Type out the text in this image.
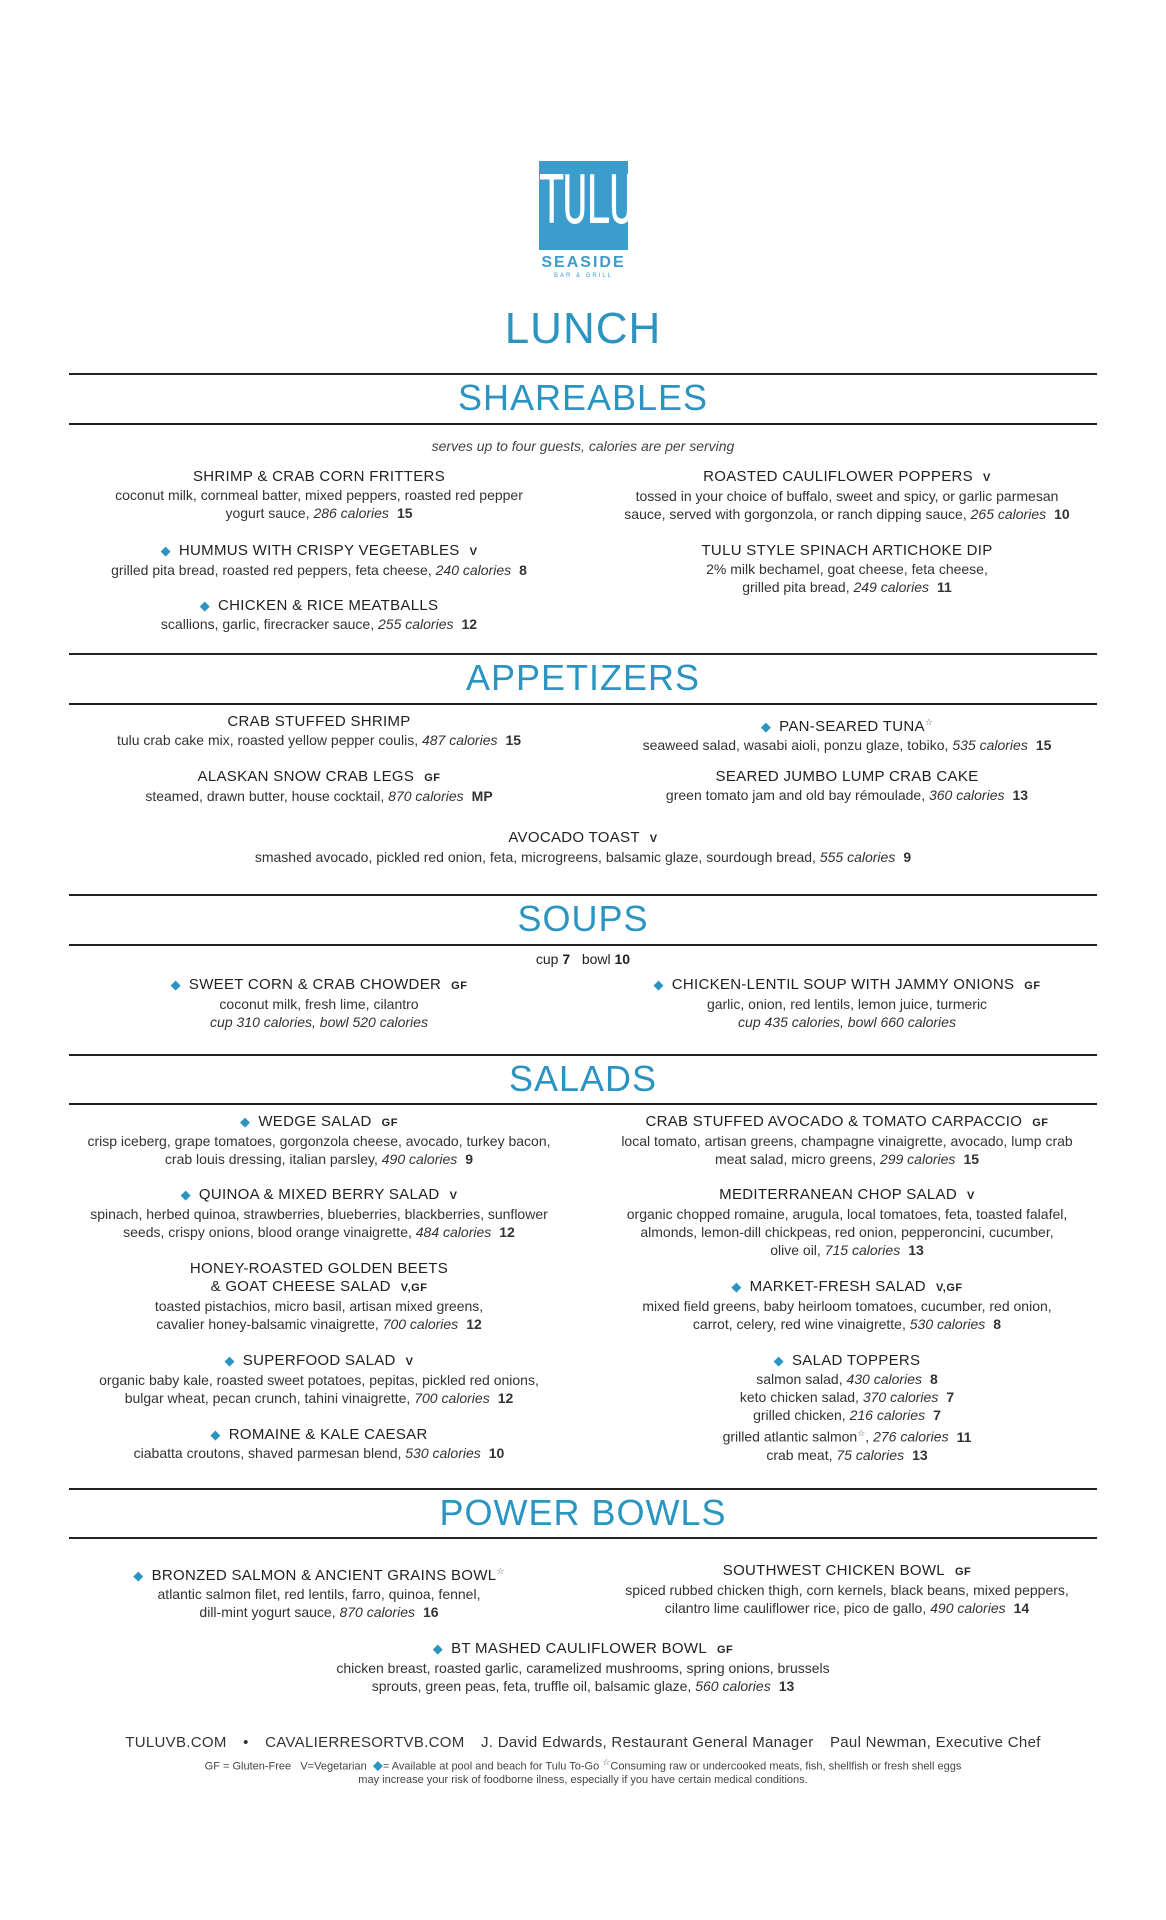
TULU
SEASIDE
BAR & GRILL
LUNCH
SHAREABLES
serves up to four guests, calories are per serving
SHRIMP & CRAB CORN FRITTERS
coconut milk, cornmeal batter, mixed peppers, roasted red pepper
yogurt sauce, 286 calories 15
◆ HUMMUS WITH CRISPY VEGETABLES V
grilled pita bread, roasted red peppers, feta cheese, 240 calories 8
◆ CHICKEN & RICE MEATBALLS
scallions, garlic, firecracker sauce, 255 calories 12
ROASTED CAULIFLOWER POPPERS V
tossed in your choice of buffalo, sweet and spicy, or garlic parmesan
sauce, served with gorgonzola, or ranch dipping sauce, 265 calories 10
TULU STYLE SPINACH ARTICHOKE DIP
2% milk bechamel, goat cheese, feta cheese,
grilled pita bread, 249 calories 11
APPETIZERS
CRAB STUFFED SHRIMP
tulu crab cake mix, roasted yellow pepper coulis, 487 calories 15
ALASKAN SNOW CRAB LEGS GF
steamed, drawn butter, house cocktail, 870 calories MP
◆ PAN-SEARED TUNA☆
seaweed salad, wasabi aioli, ponzu glaze, tobiko, 535 calories 15
SEARED JUMBO LUMP CRAB CAKE
green tomato jam and old bay rémoulade, 360 calories 13
AVOCADO TOAST V
smashed avocado, pickled red onion, feta, microgreens, balsamic glaze, sourdough bread, 555 calories 9
SOUPS
cup 7 bowl 10
◆ SWEET CORN & CRAB CHOWDER GF
coconut milk, fresh lime, cilantro
cup 310 calories, bowl 520 calories
◆ CHICKEN-LENTIL SOUP WITH JAMMY ONIONS GF
garlic, onion, red lentils, lemon juice, turmeric
cup 435 calories, bowl 660 calories
SALADS
◆ WEDGE SALAD GF
crisp iceberg, grape tomatoes, gorgonzola cheese, avocado, turkey bacon,
crab louis dressing, italian parsley, 490 calories 9
◆ QUINOA & MIXED BERRY SALAD V
spinach, herbed quinoa, strawberries, blueberries, blackberries, sunflower
seeds, crispy onions, blood orange vinaigrette, 484 calories 12
HONEY-ROASTED GOLDEN BEETS
& GOAT CHEESE SALAD V,GF
toasted pistachios, micro basil, artisan mixed greens,
cavalier honey-balsamic vinaigrette, 700 calories 12
◆ SUPERFOOD SALAD V
organic baby kale, roasted sweet potatoes, pepitas, pickled red onions,
bulgar wheat, pecan crunch, tahini vinaigrette, 700 calories 12
◆ ROMAINE & KALE CAESAR
ciabatta croutons, shaved parmesan blend, 530 calories 10
CRAB STUFFED AVOCADO & TOMATO CARPACCIO GF
local tomato, artisan greens, champagne vinaigrette, avocado, lump crab
meat salad, micro greens, 299 calories 15
MEDITERRANEAN CHOP SALAD V
organic chopped romaine, arugula, local tomatoes, feta, toasted falafel,
almonds, lemon-dill chickpeas, red onion, pepperoncini, cucumber,
olive oil, 715 calories 13
◆ MARKET-FRESH SALAD V,GF
mixed field greens, baby heirloom tomatoes, cucumber, red onion,
carrot, celery, red wine vinaigrette, 530 calories 8
◆ SALAD TOPPERS
salmon salad, 430 calories 8
keto chicken salad, 370 calories 7
grilled chicken, 216 calories 7
grilled atlantic salmon☆, 276 calories 11
crab meat, 75 calories 13
POWER BOWLS
◆ BRONZED SALMON & ANCIENT GRAINS BOWL☆
atlantic salmon filet, red lentils, farro, quinoa, fennel,
dill-mint yogurt sauce, 870 calories 16
SOUTHWEST CHICKEN BOWL GF
spiced rubbed chicken thigh, corn kernels, black beans, mixed peppers,
cilantro lime cauliflower rice, pico de gallo, 490 calories 14
◆ BT MASHED CAULIFLOWER BOWL GF
chicken breast, roasted garlic, caramelized mushrooms, spring onions, brussels
sprouts, green peas, feta, truffle oil, balsamic glaze, 560 calories 13
TULUVB.COM • CAVALIERRESORTVB.COM J. David Edwards, Restaurant General Manager Paul Newman, Executive Chef
GF = Gluten-Free V=Vegetarian ◆= Available at pool and beach for Tulu To-Go ☆Consuming raw or undercooked meats, fish, shellfish or fresh shell eggs
may increase your risk of foodborne ilness, especially if you have certain medical conditions.
